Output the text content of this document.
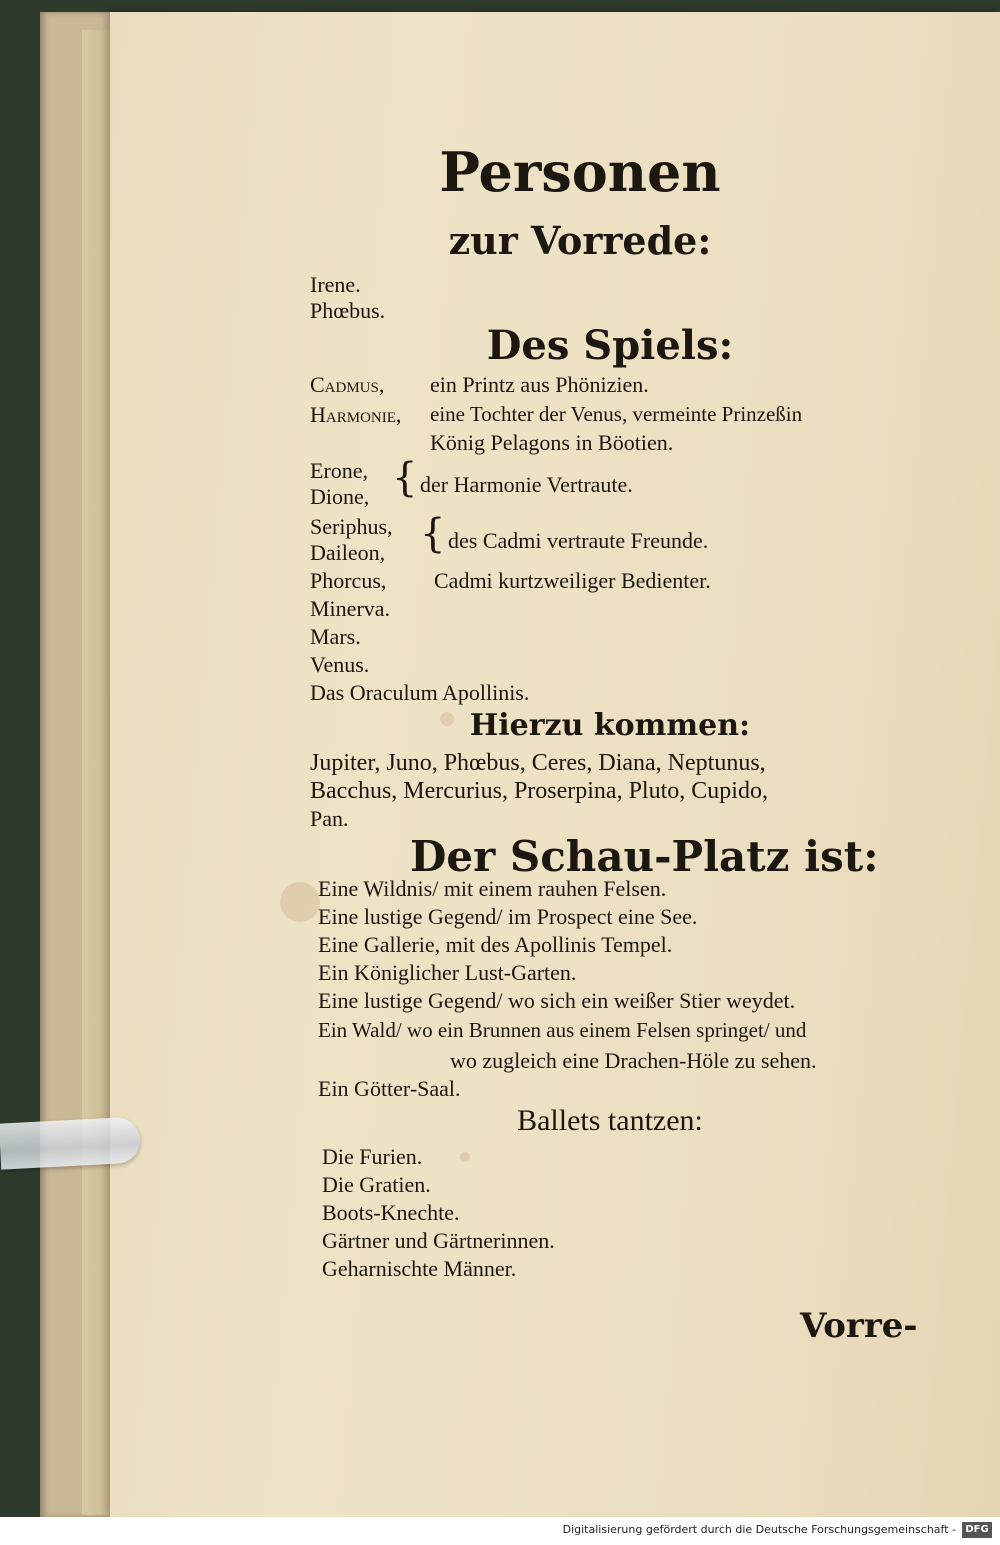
Personen
zur Vorrede:
Irene.
Phœbus.
Des Spiels:
Cadmus, ein Printz aus Phönizien.
Harmonie, eine Tochter der Venus, vermeinte Prinzeßin
König Pelagons in Böotien.
Erone,
Dione, { der Harmonie Vertraute.
Seriphus,
Daileon, { des Cadmi vertraute Freunde.
Phorcus, Cadmi kurtzweiliger Bedienter.
Minerva.
Mars.
Venus.
Das Oraculum Apollinis.
Hierzu kommen:
Jupiter, Juno, Phœbus, Ceres, Diana, Neptunus,
Bacchus, Mercurius, Proserpina, Pluto, Cupido,
Pan.
Der Schau-Platz ist:
Eine Wildnis/ mit einem rauhen Felsen.
Eine lustige Gegend/ im Prospect eine See.
Eine Gallerie, mit des Apollinis Tempel.
Ein Königlicher Lust-Garten.
Eine lustige Gegend/ wo sich ein weißer Stier weydet.
Ein Wald/ wo ein Brunnen aus einem Felsen springet/ und
wo zugleich eine Drachen-Höle zu sehen.
Ein Götter-Saal.
Ballets tantzen:
Die Furien.
Die Gratien.
Boots-Knechte.
Gärtner und Gärtnerinnen.
Geharnischte Männer.
Vorre-
Digitalisierung gefördert durch die Deutsche Forschungsgemeinschaft - DFG
